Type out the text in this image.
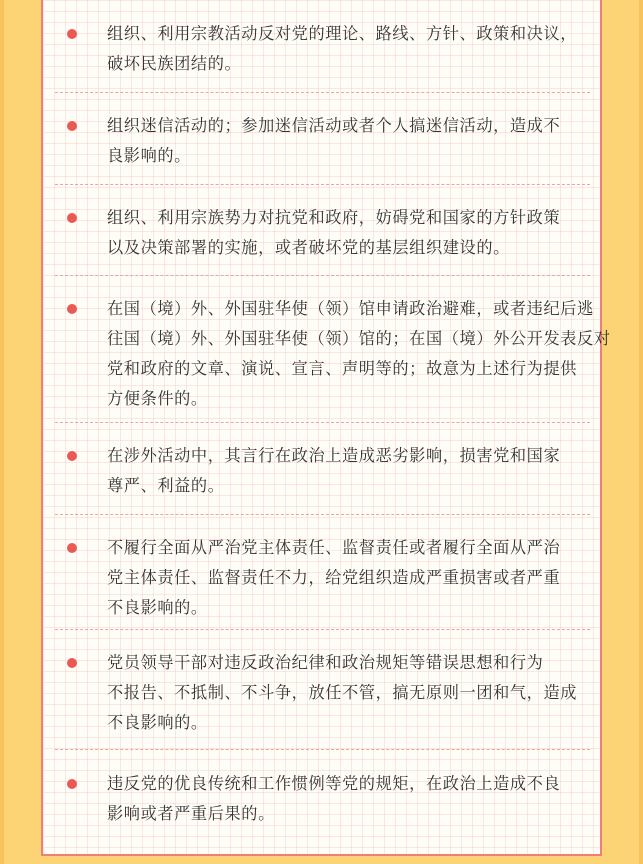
组织、利用宗教活动反对党的理论、路线、方针、政策和决议，
破坏民族团结的。

组织迷信活动的；参加迷信活动或者个人搞迷信活动，造成不
良影响的。

组织、利用宗族势力对抗党和政府，妨碍党和国家的方针政策
以及决策部署的实施，或者破坏党的基层组织建设的。

在国（境）外、外国驻华使（领）馆申请政治避难，或者违纪后逃
往国（境）外、外国驻华使（领）馆的；在国（境）外公开发表反对
党和政府的文章、演说、宣言、声明等的；故意为上述行为提供
方便条件的。

在涉外活动中，其言行在政治上造成恶劣影响，损害党和国家
尊严、利益的。

不履行全面从严治党主体责任、监督责任或者履行全面从严治
党主体责任、监督责任不力，给党组织造成严重损害或者严重
不良影响的。

党员领导干部对违反政治纪律和政治规矩等错误思想和行为
不报告、不抵制、不斗争，放任不管，搞无原则一团和气，造成
不良影响的。

违反党的优良传统和工作惯例等党的规矩，在政治上造成不良
影响或者严重后果的。
